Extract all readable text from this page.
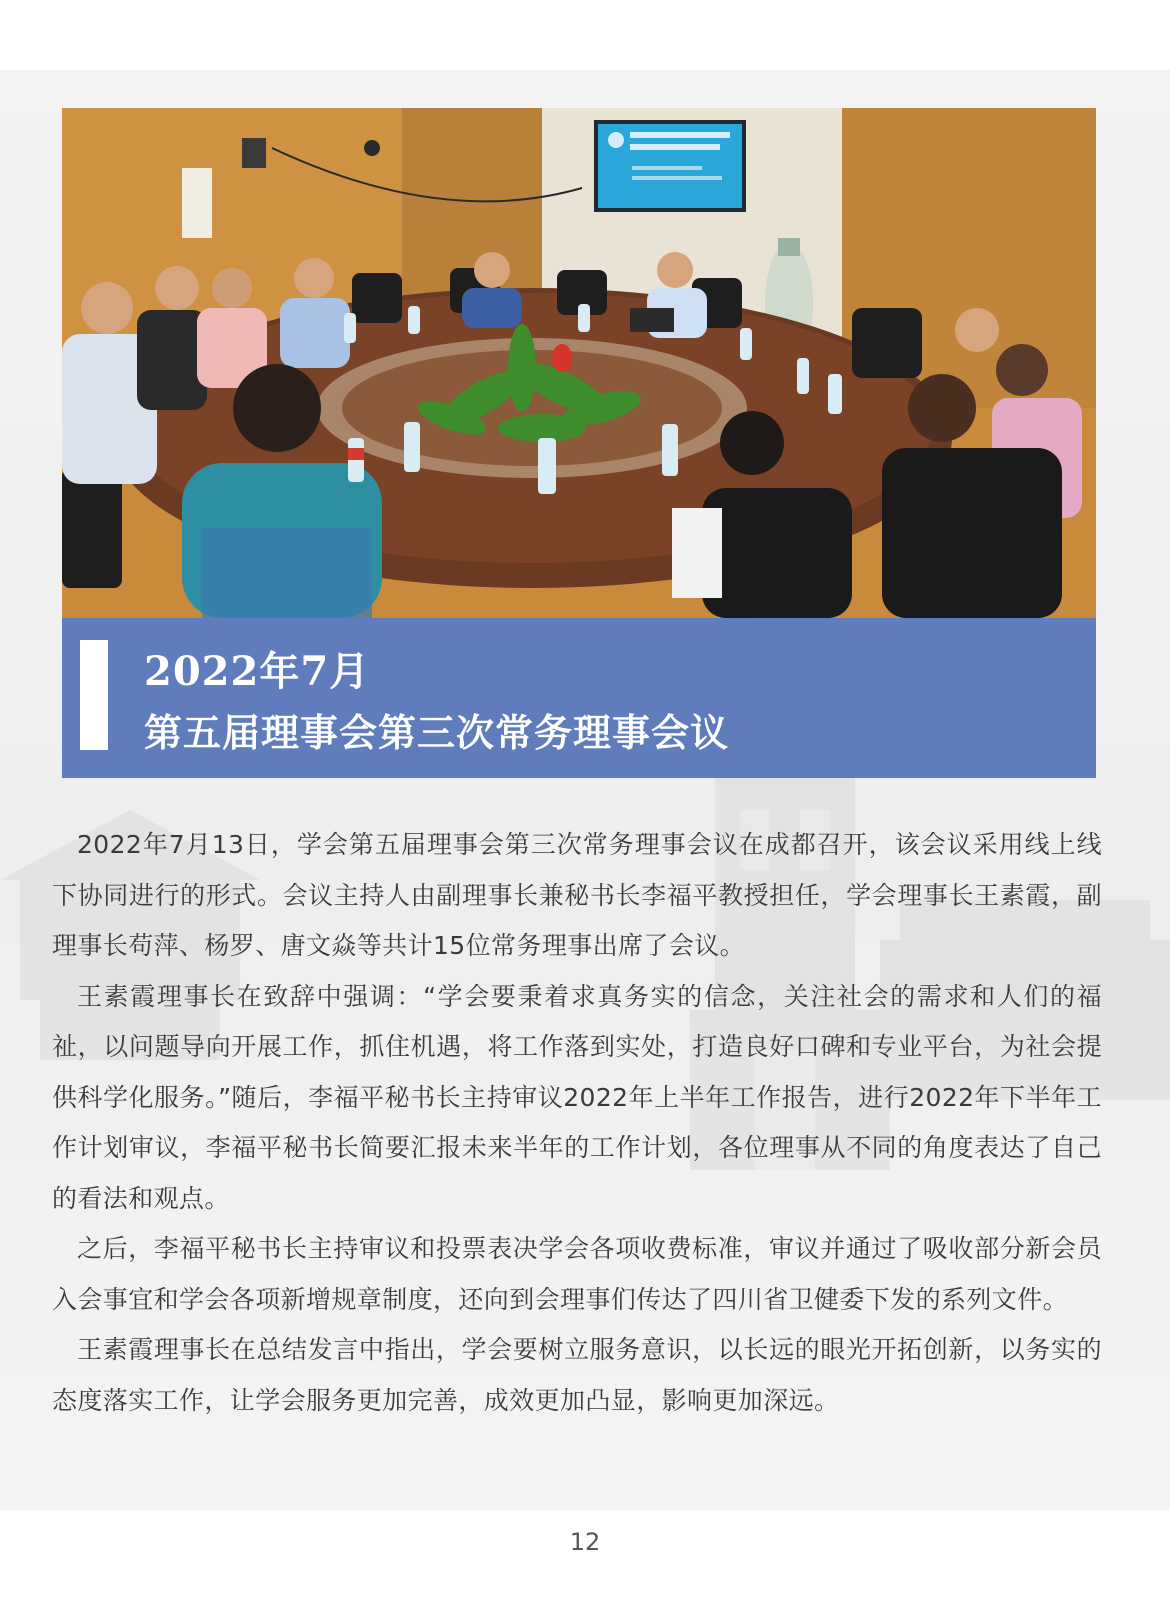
2022年7月
第五届理事会第三次常务理事会议

2022年7月13日，学会第五届理事会第三次常务理事会议在成都召开，该会议采用线上线下协同进行的形式。会议主持人由副理事长兼秘书长李福平教授担任，学会理事长王素霞，副理事长苟萍、杨罗、唐文焱等共计15位常务理事出席了会议。

王素霞理事长在致辞中强调：“学会要秉着求真务实的信念，关注社会的需求和人们的福祉，以问题导向开展工作，抓住机遇，将工作落到实处，打造良好口碑和专业平台，为社会提供科学化服务。”随后，李福平秘书长主持审议2022年上半年工作报告，进行2022年下半年工作计划审议，李福平秘书长简要汇报未来半年的工作计划，各位理事从不同的角度表达了自己的看法和观点。

之后，李福平秘书长主持审议和投票表决学会各项收费标准，审议并通过了吸收部分新会员入会事宜和学会各项新增规章制度，还向到会理事们传达了四川省卫健委下发的系列文件。

王素霞理事长在总结发言中指出，学会要树立服务意识，以长远的眼光开拓创新，以务实的态度落实工作，让学会服务更加完善，成效更加凸显，影响更加深远。

12
